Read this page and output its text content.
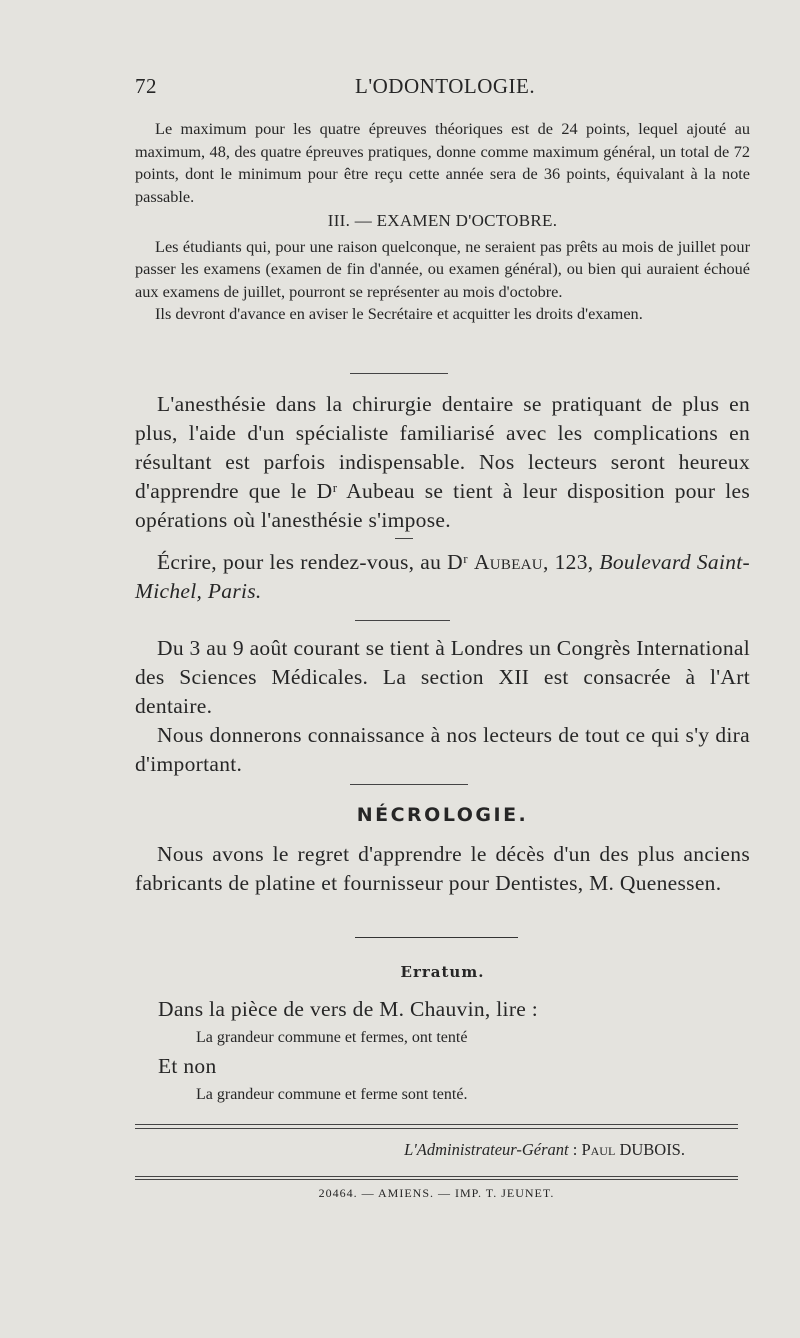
72	L'ODONTOLOGIE.

Le maximum pour les quatre épreuves théoriques est de 24 points, lequel ajouté au maximum, 48, des quatre épreuves pratiques, donne comme maximum général, un total de 72 points, dont le minimum pour être reçu cette année sera de 36 points, équivalant à la note passable.

III. — EXAMEN D'OCTOBRE.

Les étudiants qui, pour une raison quelconque, ne seraient pas prêts au mois de juillet pour passer les examens (examen de fin d'année, ou examen général), ou bien qui auraient échoué aux examens de juillet, pourront se représenter au mois d'octobre.

Ils devront d'avance en aviser le Secrétaire et acquitter les droits d'examen.

L'anesthésie dans la chirurgie dentaire se pratiquant de plus en plus, l'aide d'un spécialiste familiarisé avec les complications en résultant est parfois indispensable. Nos lecteurs seront heureux d'apprendre que le Dʳ Aubeau se tient à leur disposition pour les opérations où l'anesthésie s'impose.

Écrire, pour les rendez-vous, au Dʳ Aubeau, 123, Boulevard Saint-Michel, Paris.

Du 3 au 9 août courant se tient à Londres un Congrès International des Sciences Médicales. La section XII est consacrée à l'Art dentaire.

Nous donnerons connaissance à nos lecteurs de tout ce qui s'y dira d'important.

NÉCROLOGIE.

Nous avons le regret d'apprendre le décès d'un des plus anciens fabricants de platine et fournisseur pour Dentistes, M. Quenessen.

Erratum.
Dans la pièce de vers de M. Chauvin, lire :
La grandeur commune et fermes, ont tenté
Et non
La grandeur commune et ferme sont tenté.
L'Administrateur-Gérant : Paul DUBOIS.
20464. — AMIENS. — IMP. T. JEUNET.
